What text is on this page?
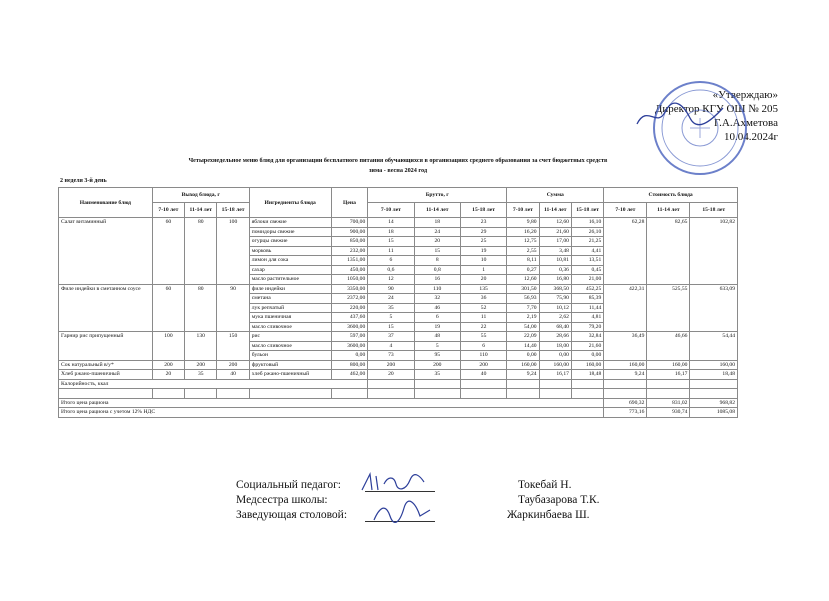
«Утверждаю»
Директор КГУ ОШ № 205
Г.А.Ахметова
10.04.2024г
Четырехнедельное меню блюд для организации бесплатного питания обучающихся в организациях среднего образования за счет бюджетных средств
зима - весна 2024 год
2 неделя 3-й день
Наименование блюд	Выход блюда, г			Ингредиенты блюда	Цена	Брутто, г			Сумма			Стоимость блюда		
	7-10 лет	11-14 лет	15-18 лет			7-10 лет	11-14 лет	15-18 лет	7-10 лет	11-14 лет	15-18 лет	7-10 лет	11-14 лет	15-18 лет
Салат витаминный	60	80	100	яблоки свежие	700,00	14	18	23	9,80	12,60	16,10	62,28	82,65	102,82
				помидоры свежие	900,00	18	24	29	16,20	21,60	26,10			
				огурцы свежие	850,00	15	20	25	12,75	17,00	21,25			
				морковь	232,00	11	15	19	2,55	3,48	4,41			
				лимон для сока	1351,00	6	8	10	8,11	10,81	13,51			
				сахар	450,00	0,6	0,8	1	0,27	0,36	0,45			
				масло растительное	1050,00	12	16	20	12,60	16,80	21,00			
Филе индейки в сметанном соусе	60	80	90	филе индейки	3350,00	90	110	135	301,50	368,50	452,25	422,31	525,55	633,09
				сметана	2372,00	24	32	36	56,93	75,90	85,39			
				лук репчатый	220,00	35	46	52	7,70	10,12	11,44			
				мука пшеничная	437,60	5	6	11	2,19	2,62	4,81			
				масло сливочное	3600,00	15	19	22	54,00	68,40	79,20			
Гарнир рис припущенный	100	130	150	рис	597,00	37	48	55	22,09	28,66	32,84	36,49	46,66	54,44
				масло сливочное	3600,00	4	5	6	14,40	18,00	21,60			
				бульон	0,00	73	95	110	0,00	0,00	0,00			
Сок натуральный в/у*	200	200	200	фруктовый	800,00	200	200	200	160,00	160,00	160,00	160,00	160,00	160,00
Хлеб ржано-пшеничный	20	35	40	хлеб ржано-пшеничный	462,00	20	35	40	9,24	16,17	18,48	9,24	16,17	18,48
Калорийность, ккал														

Итого цена рациона												690,32	831,02	968,82
Итого цена рациона с учетом 12% НДС												773,16	930,74	1085,08
Социальный педагог:
Медсестра школы:
Заведующая столовой:
Токебай Н.
Таубазарова Т.К.
Жаркинбаева Ш.
